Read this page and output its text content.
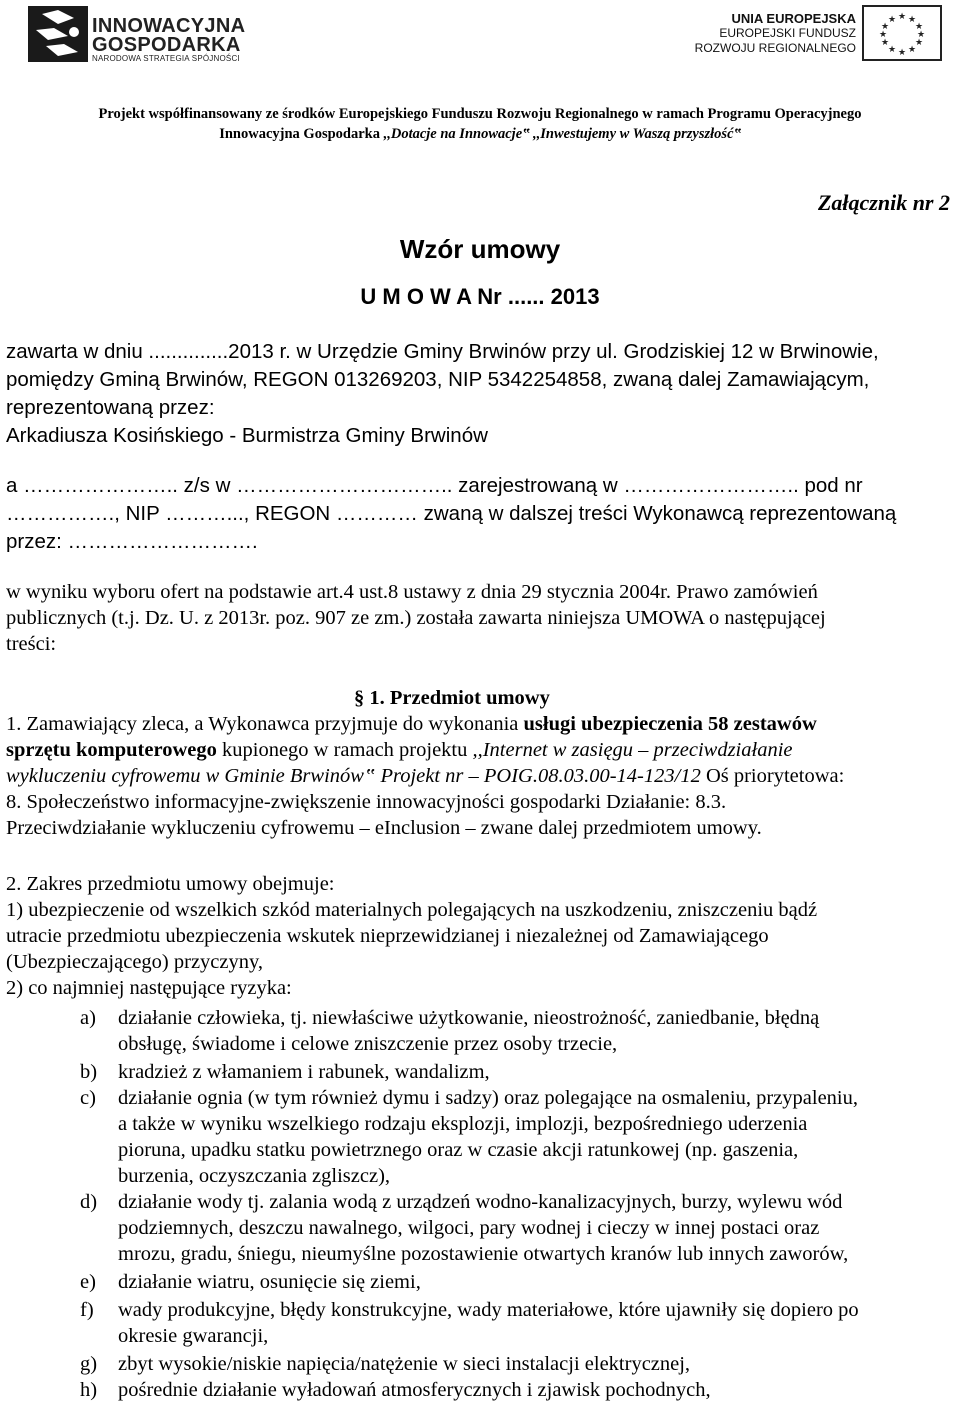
INNOWACYJNA
GOSPODARKA
NARODOWA STRATEGIA SPÓJNOŚCI
UNIA EUROPEJSKA
EUROPEJSKI FUNDUSZ
ROZWOJU REGIONALNEGO
★ ★
★
★
★
★
★
★
★
★
★
★
Projekt współfinansowany ze środków Europejskiego Funduszu Rozwoju Regionalnego w ramach Programu Operacyjnego
Innowacyjna Gospodarka ,,Dotacje na Innowacje‟ ,,Inwestujemy w Waszą przyszłość‟
Załącznik nr 2
Wzór umowy
U M O W A Nr ...... 2013
zawarta w dniu ..............2013 r. w Urzędzie Gminy Brwinów przy ul. Grodziskiej 12 w Brwinowie,
pomiędzy Gminą Brwinów, REGON 013269203, NIP 5342254858, zwaną dalej Zamawiającym,
reprezentowaną przez:
Arkadiusza Kosińskiego - Burmistrza Gminy Brwinów
a ………………….. z/s w ………………………….. zarejestrowaną w …………………….. pod nr
……………., NIP ………..., REGON ………… zwaną w dalszej treści Wykonawcą reprezentowaną
przez: ……………………….
w wyniku wyboru ofert na podstawie art.4 ust.8 ustawy z dnia 29 stycznia 2004r. Prawo zamówień
publicznych (t.j. Dz. U. z 2013r. poz. 907 ze zm.) została zawarta niniejsza UMOWA o następującej
treści:
§ 1. Przedmiot umowy
1. Zamawiający zleca, a Wykonawca przyjmuje do wykonania usługi ubezpieczenia 58 zestawów
sprzętu komputerowego kupionego w ramach projektu ,,Internet w zasięgu – przeciwdziałanie
wykluczeniu cyfrowemu w Gminie Brwinów‟ Projekt nr – POIG.08.03.00-14-123/12 Oś priorytetowa:
8. Społeczeństwo informacyjne-zwiększenie innowacyjności gospodarki Działanie: 8.3.
Przeciwdziałanie wykluczeniu cyfrowemu – eInclusion – zwane dalej przedmiotem umowy.
2. Zakres przedmiotu umowy obejmuje:
1) ubezpieczenie od wszelkich szkód materialnych polegających na uszkodzeniu, zniszczeniu bądź
utracie przedmiotu ubezpieczenia wskutek nieprzewidzianej i niezależnej od Zamawiającego
(Ubezpieczającego) przyczyny,
2) co najmniej następujące ryzyka:
a) działanie człowieka, tj. niewłaściwe użytkowanie, nieostrożność, zaniedbanie, błędną
obsługę, świadome i celowe zniszczenie przez osoby trzecie,
b) kradzież z włamaniem i rabunek, wandalizm,
c) działanie ognia (w tym również dymu i sadzy) oraz polegające na osmaleniu, przypaleniu,
a także w wyniku wszelkiego rodzaju eksplozji, implozji, bezpośredniego uderzenia
pioruna, upadku statku powietrznego oraz w czasie akcji ratunkowej (np. gaszenia,
burzenia, oczyszczania zgliszcz),
d) działanie wody tj. zalania wodą z urządzeń wodno-kanalizacyjnych, burzy, wylewu wód
podziemnych, deszczu nawalnego, wilgoci, pary wodnej i cieczy w innej postaci oraz
mrozu, gradu, śniegu, nieumyślne pozostawienie otwartych kranów lub innych zaworów,
e) działanie wiatru, osunięcie się ziemi,
f) wady produkcyjne, błędy konstrukcyjne, wady materiałowe, które ujawniły się dopiero po
okresie gwarancji,
g) zbyt wysokie/niskie napięcia/natężenie w sieci instalacji elektrycznej,
h) pośrednie działanie wyładowań atmosferycznych i zjawisk pochodnych,
